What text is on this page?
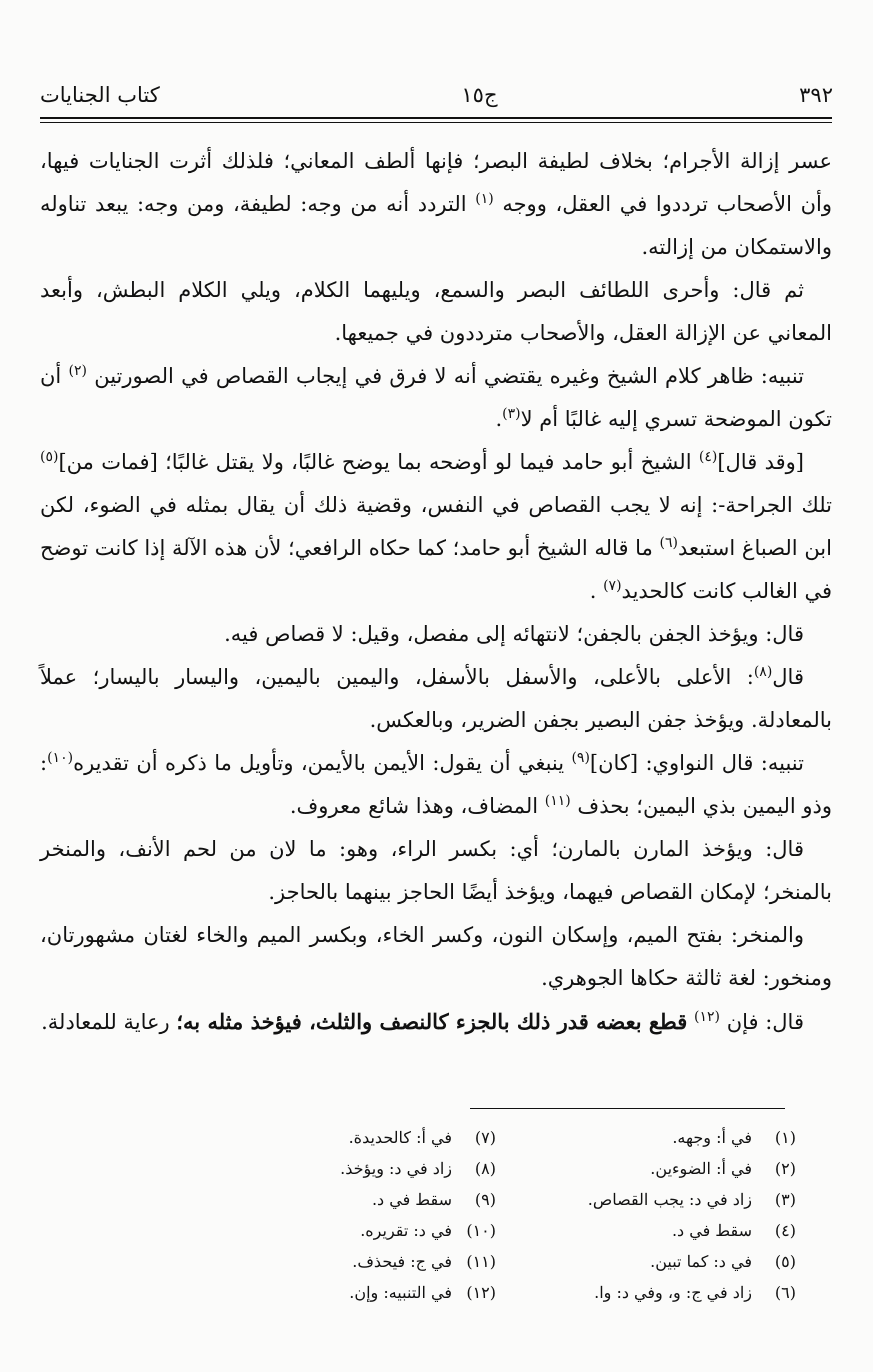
٣٩٢
ج١٥
كتاب الجنايات

عسر إزالة الأجرام؛ بخلاف لطيفة البصر؛ فإنها ألطف المعاني؛ فلذلك أثرت الجنايات فيها، وأن الأصحاب ترددوا في العقل، ووجه $^{(١)}$ التردد أنه من وجه: لطيفة، ومن وجه: يبعد تناوله والاستمكان من إزالته.

ثم قال: وأحرى اللطائف البصر والسمع، ويليهما الكلام، ويلي الكلام البطش، وأبعد المعاني عن الإزالة العقل، والأصحاب مترددون في جميعها.

تنبيه: ظاهر كلام الشيخ وغيره يقتضي أنه لا فرق في إيجاب القصاص في الصورتين $^{(٢)}$ أن تكون الموضحة تسري إليه غالبًا أم لا$^{(٣)}$.

[وقد قال]$^{(٤)}$ الشيخ أبو حامد فيما لو أوضحه بما يوضح غالبًا، ولا يقتل غالبًا؛ [فمات من]$^{(٥)}$ تلك الجراحة-: إنه لا يجب القصاص في النفس، وقضية ذلك أن يقال بمثله في الضوء، لكن ابن الصباغ استبعد$^{(٦)}$ ما قاله الشيخ أبو حامد؛ كما حكاه الرافعي؛ لأن هذه الآلة إذا كانت توضح في الغالب كانت كالحديد$^{(٧)}$ .

قال: ويؤخذ الجفن بالجفن؛ لانتهائه إلى مفصل، وقيل: لا قصاص فيه.

قال$^{(٨)}$: الأعلى بالأعلى، والأسفل بالأسفل، واليمين باليمين، واليسار باليسار؛ عملاً بالمعادلة. ويؤخذ جفن البصير بجفن الضرير، وبالعكس.

تنبيه: قال النواوي: [كان]$^{(٩)}$ ينبغي أن يقول: الأيمن بالأيمن، وتأويل ما ذكره أن تقديره$^{(١٠)}$: وذو اليمين بذي اليمين؛ بحذف $^{(١١)}$ المضاف، وهذا شائع معروف.

قال: ويؤخذ المارن بالمارن؛ أي: بكسر الراء، وهو: ما لان من لحم الأنف، والمنخر بالمنخر؛ لإمكان القصاص فيهما، ويؤخذ أيضًا الحاجز بينهما بالحاجز.

والمنخر: بفتح الميم، وإسكان النون، وكسر الخاء، وبكسر الميم والخاء لغتان مشهورتان، ومنخور: لغة ثالثة حكاها الجوهري.

قال: فإن $^{(١٢)}$ قطع بعضه قدر ذلك بالجزء كالنصف والثلث، فيؤخذ مثله به؛ رعاية للمعادلة.

(١)في أ: وجهه.
(٢)في أ: الضوءين.
(٣)زاد في د: يجب القصاص.
(٤)سقط في د.
(٥)في د: كما تبين.
(٦)زاد في ج: و، وفي د: وا.
(٧)في أ: كالحديدة.
(٨)زاد في د: ويؤخذ.
(٩)سقط في د.
(١٠)في د: تقريره.
(١١)في ج: فيحذف.
(١٢)في التنبيه: وإن.
